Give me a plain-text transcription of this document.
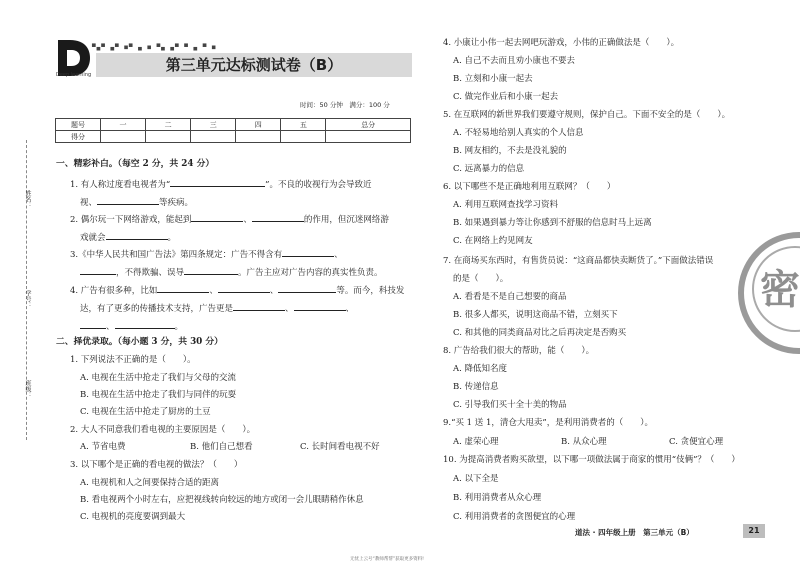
Deep learning
▀▄▀ ▄▀ ■▀ ▄ ■ ▀▄ ▄▀ ▀ ▄ ▀ ■
第三单元达标测试卷（B）
时间：50 分钟　满分：100 分
题号	一	二	三	四	五	总分
得分						
姓名：
学号：
班级：
一、精彩补白。（每空 2 分，共 24 分）
1. 有人称过度看电视者为“	”。不良的收视行为会导致近
视、	等疾病。
2. 偶尔玩一下网络游戏，能起到	、	的作用，但沉迷网络游
戏就会	。
3.《中华人民共和国广告法》第四条规定：广告不得含有	、
，不得欺骗、误导	。广告主应对广告内容的真实性负责。
4. 广告有很多种，比如	、	、	等。而今，科技发
达，有了更多的传播技术支持，广告更是	、	、
、	。
二、择优录取。（每小题 3 分，共 30 分）
1. 下列说法不正确的是（　　）。
A. 电视在生活中抢走了我们与父母的交流
B. 电视在生活中抢走了我们与同伴的玩耍
C. 电视在生活中抢走了厨房的土豆
2. 大人不同意我们看电视的主要原因是（　　）。
A. 节省电费	B. 他们自己想看	C. 长时间看电视不好
3. 以下哪个是正确的看电视的做法？（　　）
A. 电视机和人之间要保持合适的距离
B. 看电视两个小时左右，应把视线转向较远的地方或闭一会儿眼睛稍作休息
C. 电视机的亮度要调到最大
4. 小康让小伟一起去网吧玩游戏，小伟的正确做法是（　　）。
A. 自己不去而且劝小康也不要去
B. 立刻和小康一起去
C. 做完作业后和小康一起去
5. 在互联网的新世界我们要遵守规则，保护自己。下面不安全的是（　　）。
A. 不轻易地给别人真实的个人信息
B. 网友相约，不去是没礼貌的
C. 远离暴力的信息
6. 以下哪些不是正确地利用互联网？（　　）
A. 利用互联网查找学习资料
B. 如果遇到暴力等让你感到不舒服的信息时马上远离
C. 在网络上约见网友
7. 在商场买东西时，有售货员说：“这商品都快卖断货了。”下面做法错误
的是（　　）。
A. 看看是不是自己想要的商品
B. 很多人都买，说明这商品不错，立刻买下
C. 和其他的同类商品对比之后再决定是否购买
8. 广告给我们很大的帮助，能（　　）。
A. 降低知名度
B. 传递信息
C. 引导我们买十全十美的物品
9.“买 1 送 1，清仓大甩卖”，是利用消费者的（　　）。
A. 虚荣心理	B. 从众心理	C. 贪便宜心理
10. 为提高消费者购买欲望，以下哪一项做法属于商家的惯用“伎俩”？（　　）
A. 以下全是
B. 利用消费者从众心理
C. 利用消费者的贪图便宜的心理
密
道法 · 四年级上册　第三单元（B）	21
无忧上云号“教师帮帮”获取更多资料!
